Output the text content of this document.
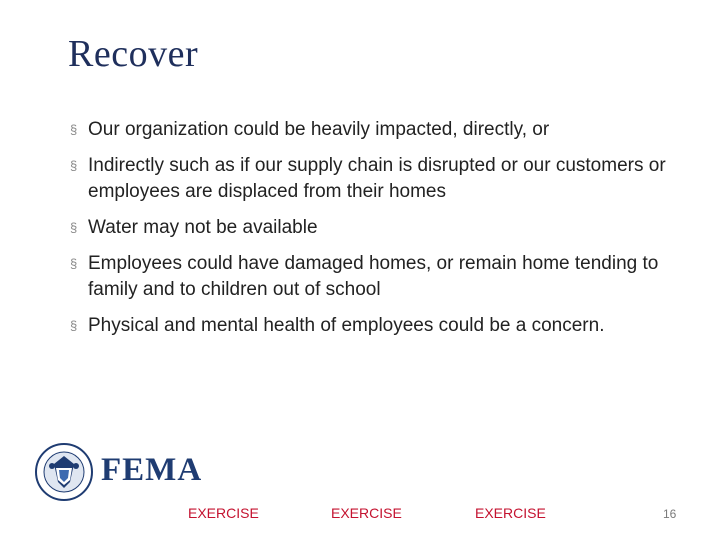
Recover
§ Our organization could be heavily impacted, directly, or
§ Indirectly such as if our supply chain is disrupted or our customers or employees are displaced from their homes
§ Water may not be available
§ Employees could have damaged homes, or remain home tending to family and to children out of school
§ Physical and mental health of employees could be a concern.
FEMA
EXERCISE	EXERCISE	EXERCISE	16
